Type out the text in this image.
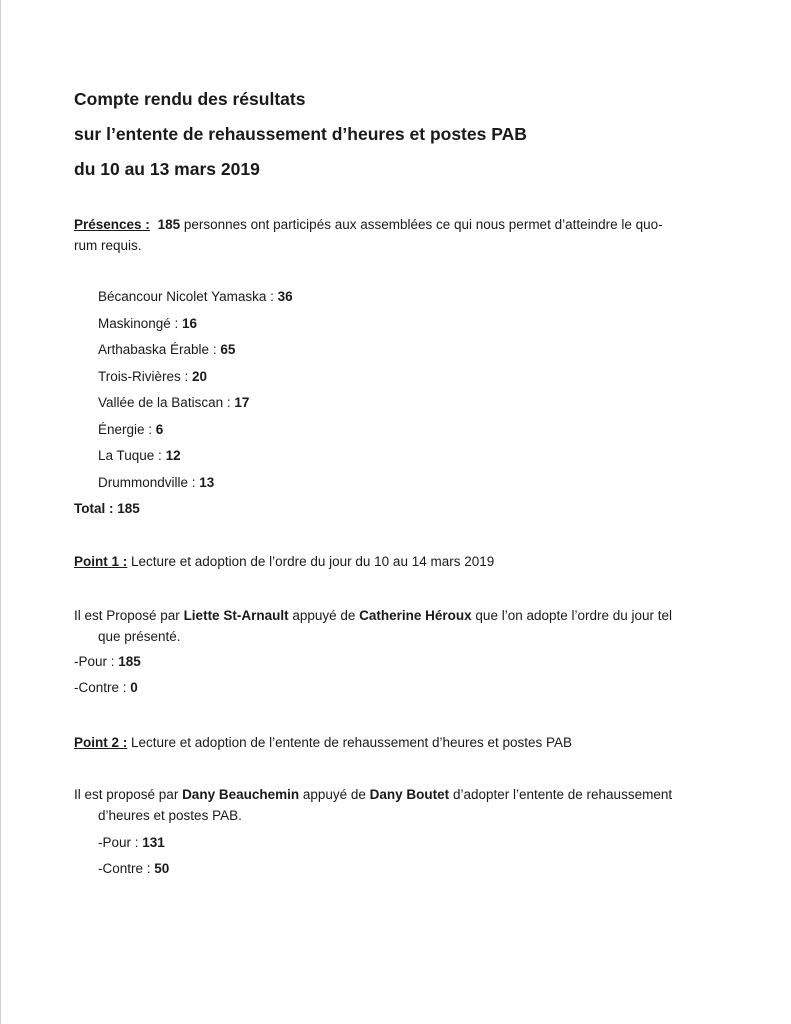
Compte rendu des résultats
sur l’entente de rehaussement d’heures et postes PAB
du 10 au 13 mars 2019
Présences : 185 personnes ont participés aux assemblées ce qui nous permet d’atteindre le quo-
rum requis.
Bécancour Nicolet Yamaska : 36
Maskinongé : 16
Arthabaska Érable : 65
Trois-Rivières : 20
Vallée de la Batiscan : 17
Énergie : 6
La Tuque : 12
Drummondville : 13
Total : 185
Point 1 : Lecture et adoption de l’ordre du jour du 10 au 14 mars 2019
Il est Proposé par Liette St-Arnault appuyé de Catherine Héroux que l’on adopte l’ordre du jour tel
que présenté.
-Pour : 185
-Contre : 0
Point 2 : Lecture et adoption de l’entente de rehaussement d’heures et postes PAB
Il est proposé par Dany Beauchemin appuyé de Dany Boutet d’adopter l’entente de rehaussement
d’heures et postes PAB.
-Pour : 131
-Contre : 50
